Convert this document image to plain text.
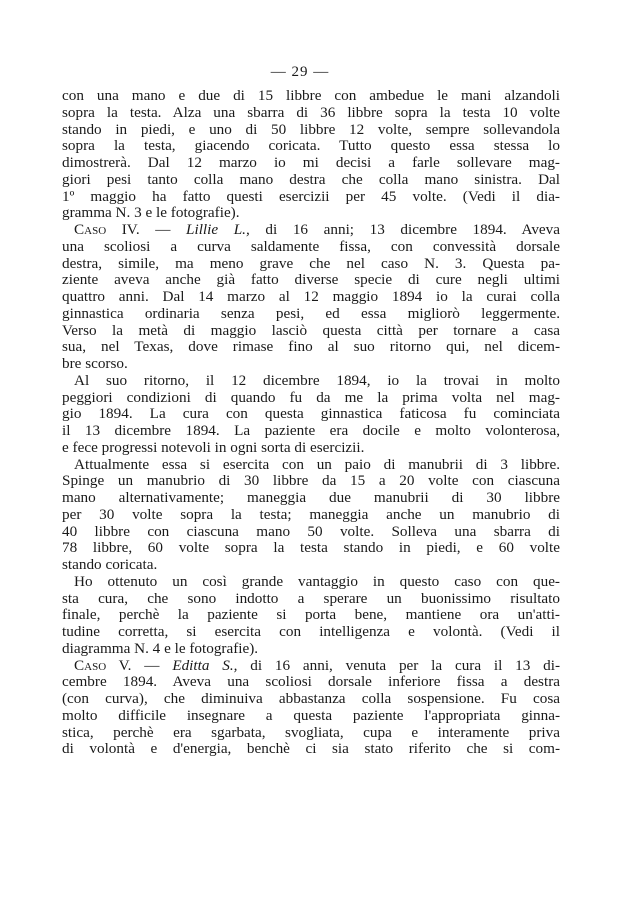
— 29 —
con una mano e due di 15 libbre con ambedue le mani alzandoli
sopra la testa. Alza una sbarra di 36 libbre sopra la testa 10 volte
stando in piedi, e uno di 50 libbre 12 volte, sempre sollevandola
sopra la testa, giacendo coricata. Tutto questo essa stessa lo
dimostrerà. Dal 12 marzo io mi decisi a farle sollevare mag-
giori pesi tanto colla mano destra che colla mano sinistra. Dal
1º maggio ha fatto questi esercizii per 45 volte. (Vedi il dia-
gramma N. 3 e le fotografie).
Caso IV. — Lillie L., di 16 anni; 13 dicembre 1894. Aveva
una scoliosi a curva saldamente fissa, con convessità dorsale
destra, simile, ma meno grave che nel caso N. 3. Questa pa-
ziente aveva anche già fatto diverse specie di cure negli ultimi
quattro anni. Dal 14 marzo al 12 maggio 1894 io la curai colla
ginnastica ordinaria senza pesi, ed essa migliorò leggermente.
Verso la metà di maggio lasciò questa città per tornare a casa
sua, nel Texas, dove rimase fino al suo ritorno qui, nel dicem-
bre scorso.
Al suo ritorno, il 12 dicembre 1894, io la trovai in molto
peggiori condizioni di quando fu da me la prima volta nel mag-
gio 1894. La cura con questa ginnastica faticosa fu cominciata
il 13 dicembre 1894. La paziente era docile e molto volonterosa,
e fece progressi notevoli in ogni sorta di esercizii.
Attualmente essa si esercita con un paio di manubrii di 3 libbre.
Spinge un manubrio di 30 libbre da 15 a 20 volte con ciascuna
mano alternativamente; maneggia due manubrii di 30 libbre
per 30 volte sopra la testa; maneggia anche un manubrio di
40 libbre con ciascuna mano 50 volte. Solleva una sbarra di
78 libbre, 60 volte sopra la testa stando in piedi, e 60 volte
stando coricata.
Ho ottenuto un così grande vantaggio in questo caso con que-
sta cura, che sono indotto a sperare un buonissimo risultato
finale, perchè la paziente si porta bene, mantiene ora un'atti-
tudine corretta, si esercita con intelligenza e volontà. (Vedi il
diagramma N. 4 e le fotografie).
Caso V. — Editta S., di 16 anni, venuta per la cura il 13 di-
cembre 1894. Aveva una scoliosi dorsale inferiore fissa a destra
(con curva), che diminuiva abbastanza colla sospensione. Fu cosa
molto difficile insegnare a questa paziente l'appropriata ginna-
stica, perchè era sgarbata, svogliata, cupa e interamente priva
di volontà e d'energia, benchè ci sia stato riferito che si com-
